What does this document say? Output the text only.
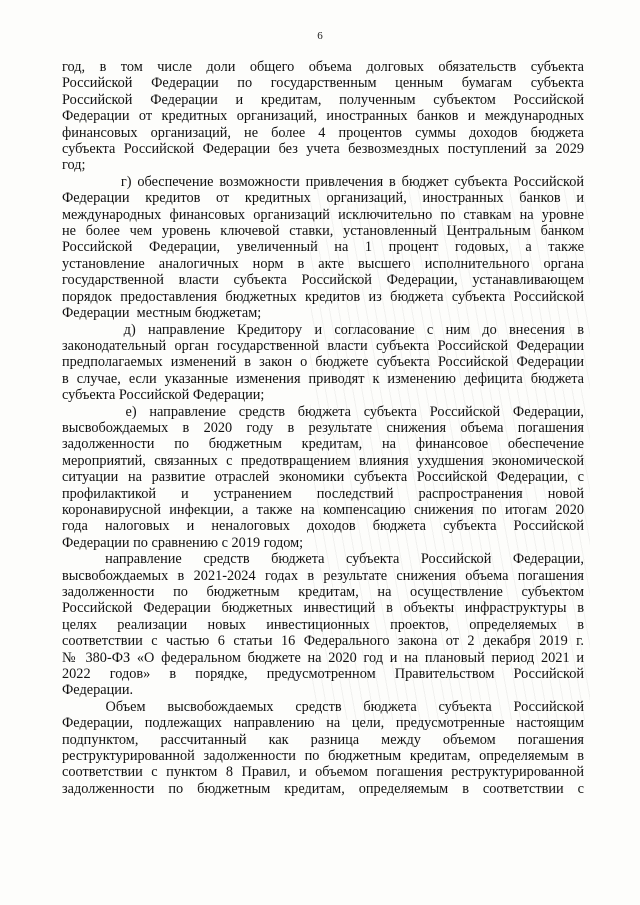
6

год,  в  том  числе  доли  общего  объема  долговых  обязательств  субъекта
Российской   Федерации   по   государственным   ценным   бумагам   субъекта
Российской   Федерации   и   кредитам,   полученным   субъектом   Российской
Федерации от кредитных организаций, иностранных банков и международных
финансовых  организаций,  не  более  4  процентов  суммы  доходов  бюджета
субъекта Российской Федерации без учета безвозмездных поступлений за 2029
год;
г) обеспечение возможности привлечения в бюджет субъекта Российской
Федерации   кредитов   от   кредитных   организаций,   иностранных   банков   и
международных финансовых организаций исключительно по ставкам на уровне
не более чем уровень ключевой ставки, установленный Центральным банком
Российской   Федерации,   увеличенный   на   1   процент   годовых,   а   также
установление  аналогичных  норм  в  акте  высшего  исполнительного  органа
государственной  власти  субъекта  Российской  Федерации,  устанавливающем
порядок предоставления бюджетных кредитов из бюджета субъекта Российской
Федерации  местным бюджетам;
д)  направление  Кредитору  и  согласование  с  ним  до  внесения  в
законодательный орган государственной власти субъекта Российской Федерации
предполагаемых изменений в закон о бюджете субъекта Российской Федерации
в случае, если указанные изменения приводят к изменению дефицита бюджета
субъекта Российской Федерации;
е)  направление  средств  бюджета  субъекта  Российской  Федерации,
высвобождаемых  в  2020  году  в  результате  снижения  объема  погашения
задолженности   по   бюджетным   кредитам,   на   финансовое   обеспечение
мероприятий, связанных с предотвращением влияния ухудшения экономической
ситуации на развитие отраслей экономики субъекта Российской Федерации, с
профилактикой     и     устранением     последствий     распространения     новой
коронавирусной инфекции, а также на компенсацию снижения по итогам 2020
года   налоговых   и   неналоговых   доходов   бюджета   субъекта   Российской
Федерации по сравнению с 2019 годом;
направление     средств     бюджета     субъекта     Российской     Федерации,
высвобождаемых в 2021-2024 годах в результате снижения объема погашения
задолженности   по   бюджетным   кредитам,   на   осуществление   субъектом
Российской Федерации бюджетных инвестиций в объекты инфраструктуры в
целях    реализации    новых    инвестиционных    проектов,    определяемых    в
соответствии с частью 6 статьи 16 Федерального закона от 2 декабря 2019 г.
№ 380-ФЗ «О федеральном бюджете на 2020 год и на плановый период 2021 и
2022   годов»   в   порядке,   предусмотренном   Правительством   Российской
Федерации.
Объем     высвобождаемых     средств     бюджета     субъекта     Российской
Федерации, подлежащих направлению на цели, предусмотренные настоящим
подпунктом,    рассчитанный    как    разница    между    объемом    погашения
реструктурированной задолженности по бюджетным кредитам, определяемым в
соответствии с пунктом 8 Правил, и объемом погашения реструктурированной
задолженности  по  бюджетным  кредитам,  определяемым  в  соответствии  с
